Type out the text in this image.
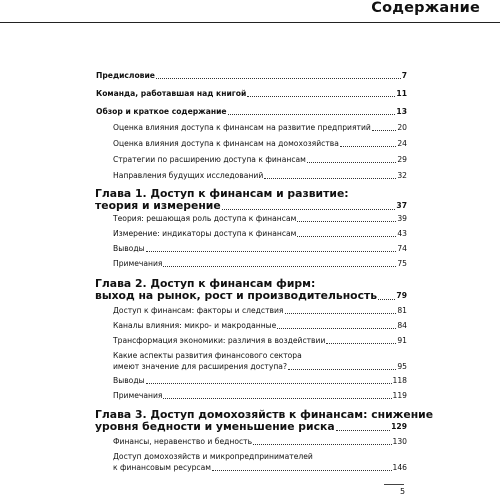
Содержание
Предисловие	7
Команда, работавшая над книгой	11
Обзор и краткое содержание	13
Оценка влияния доступа к финансам на развитие предприятий	20
Оценка влияния доступа к финансам на домохозяйства	24
Стратегии по расширению доступа к финансам	29
Направления будущих исследований	32
Глава 1. Доступ к финансам и развитие:
теория и измерение	37
Теория: решающая роль доступа к финансам	39
Измерение: индикаторы доступа к финансам	43
Выводы	74
Примечания	75
Глава 2. Доступ к финансам фирм:
выход на рынок, рост и производительность	79
Доступ к финансам: факторы и следствия	81
Каналы влияния: микро- и макроданные	84
Трансформация экономики: различия в воздействии	91
Какие аспекты развития финансового сектора
имеют значение для расширения доступа?	95
Выводы	118
Примечания	119
Глава 3. Доступ домохозяйств к финансам: снижение
уровня бедности и уменьшение риска	129
Финансы, неравенство и бедность	130
Доступ домохозяйств и микропредпринимателей
к финансовым ресурсам	146
5
